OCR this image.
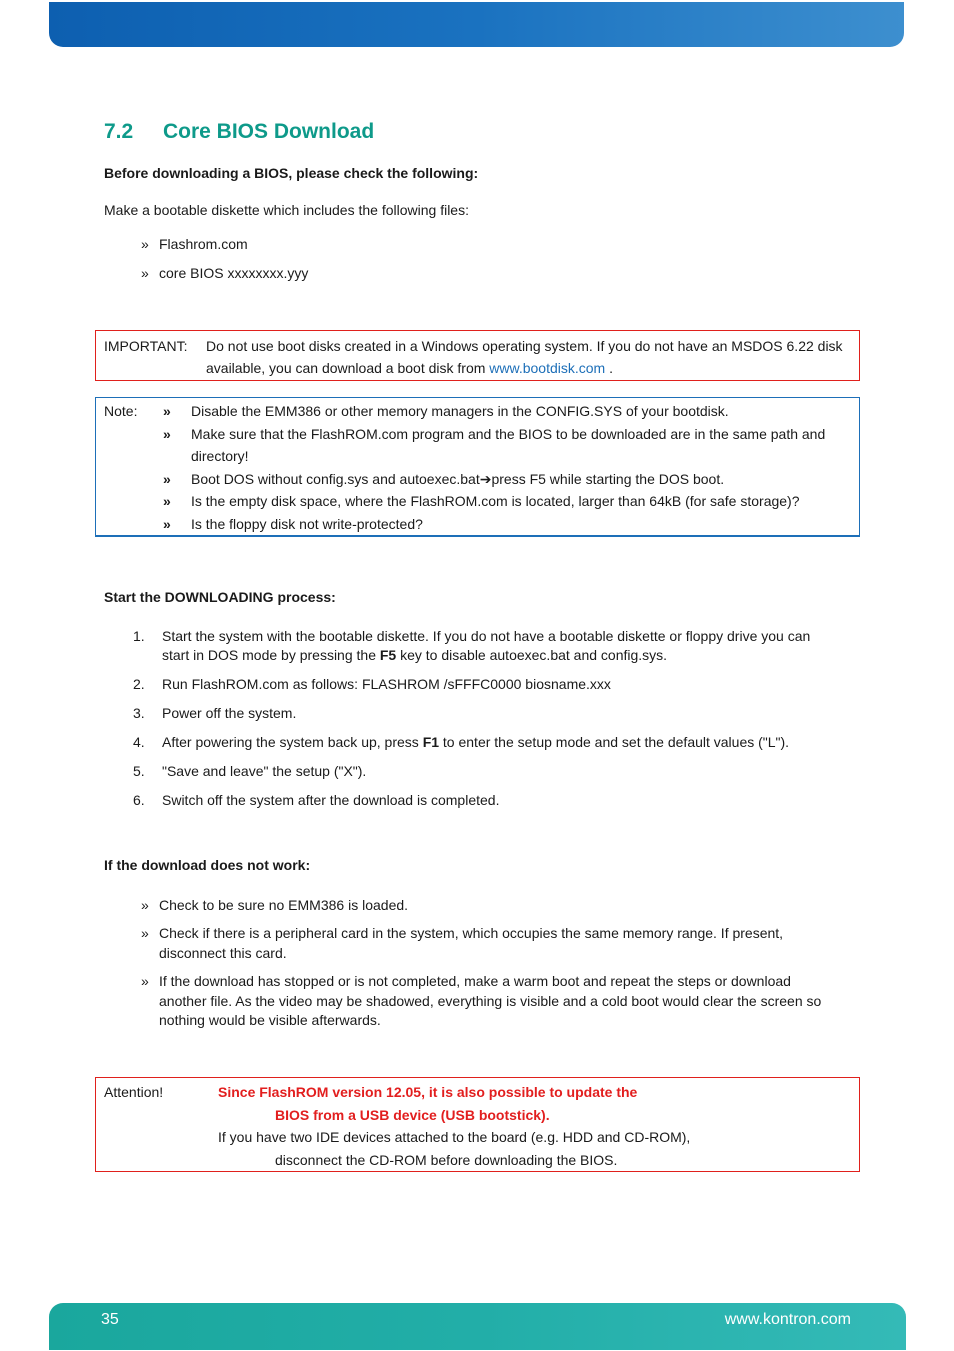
7.2 Core BIOS Download
Before downloading a BIOS, please check the following:
Make a bootable diskette which includes the following files:
» Flashrom.com
» core BIOS xxxxxxxx.yyy
IMPORTANT: Do not use boot disks created in a Windows operating system. If you do not have an MSDOS 6.22 disk
available, you can download a boot disk from www.bootdisk.com .
Note: » Disable the EMM386 or other memory managers in the CONFIG.SYS of your bootdisk.
» Make sure that the FlashROM.com program and the BIOS to be downloaded are in the same path and
directory!
» Boot DOS without config.sys and autoexec.bat➔press F5 while starting the DOS boot.
» Is the empty disk space, where the FlashROM.com is located, larger than 64kB (for safe storage)?
» Is the floppy disk not write-protected?
Start the DOWNLOADING process:
1.	Start the system with the bootable diskette. If you do not have a bootable diskette or floppy drive you can
start in DOS mode by pressing the F5 key to disable autoexec.bat and config.sys.
2.	Run FlashROM.com as follows: FLASHROM /sFFFC0000 biosname.xxx
3.	Power off the system.
4.	After powering the system back up, press F1 to enter the setup mode and set the default values ("L").
5.	"Save and leave" the setup ("X").
6.	Switch off the system after the download is completed.
If the download does not work:
» Check to be sure no EMM386 is loaded.
» Check if there is a peripheral card in the system, which occupies the same memory range. If present,
disconnect this card.
» If the download has stopped or is not completed, make a warm boot and repeat the steps or download
another file. As the video may be shadowed, everything is visible and a cold boot would clear the screen so
nothing would be visible afterwards.
Attention!	Since FlashROM version 12.05, it is also possible to update the
BIOS from a USB device (USB bootstick).
If you have two IDE devices attached to the board (e.g. HDD and CD-ROM),
disconnect the CD-ROM before downloading the BIOS.
35	www.kontron.com
